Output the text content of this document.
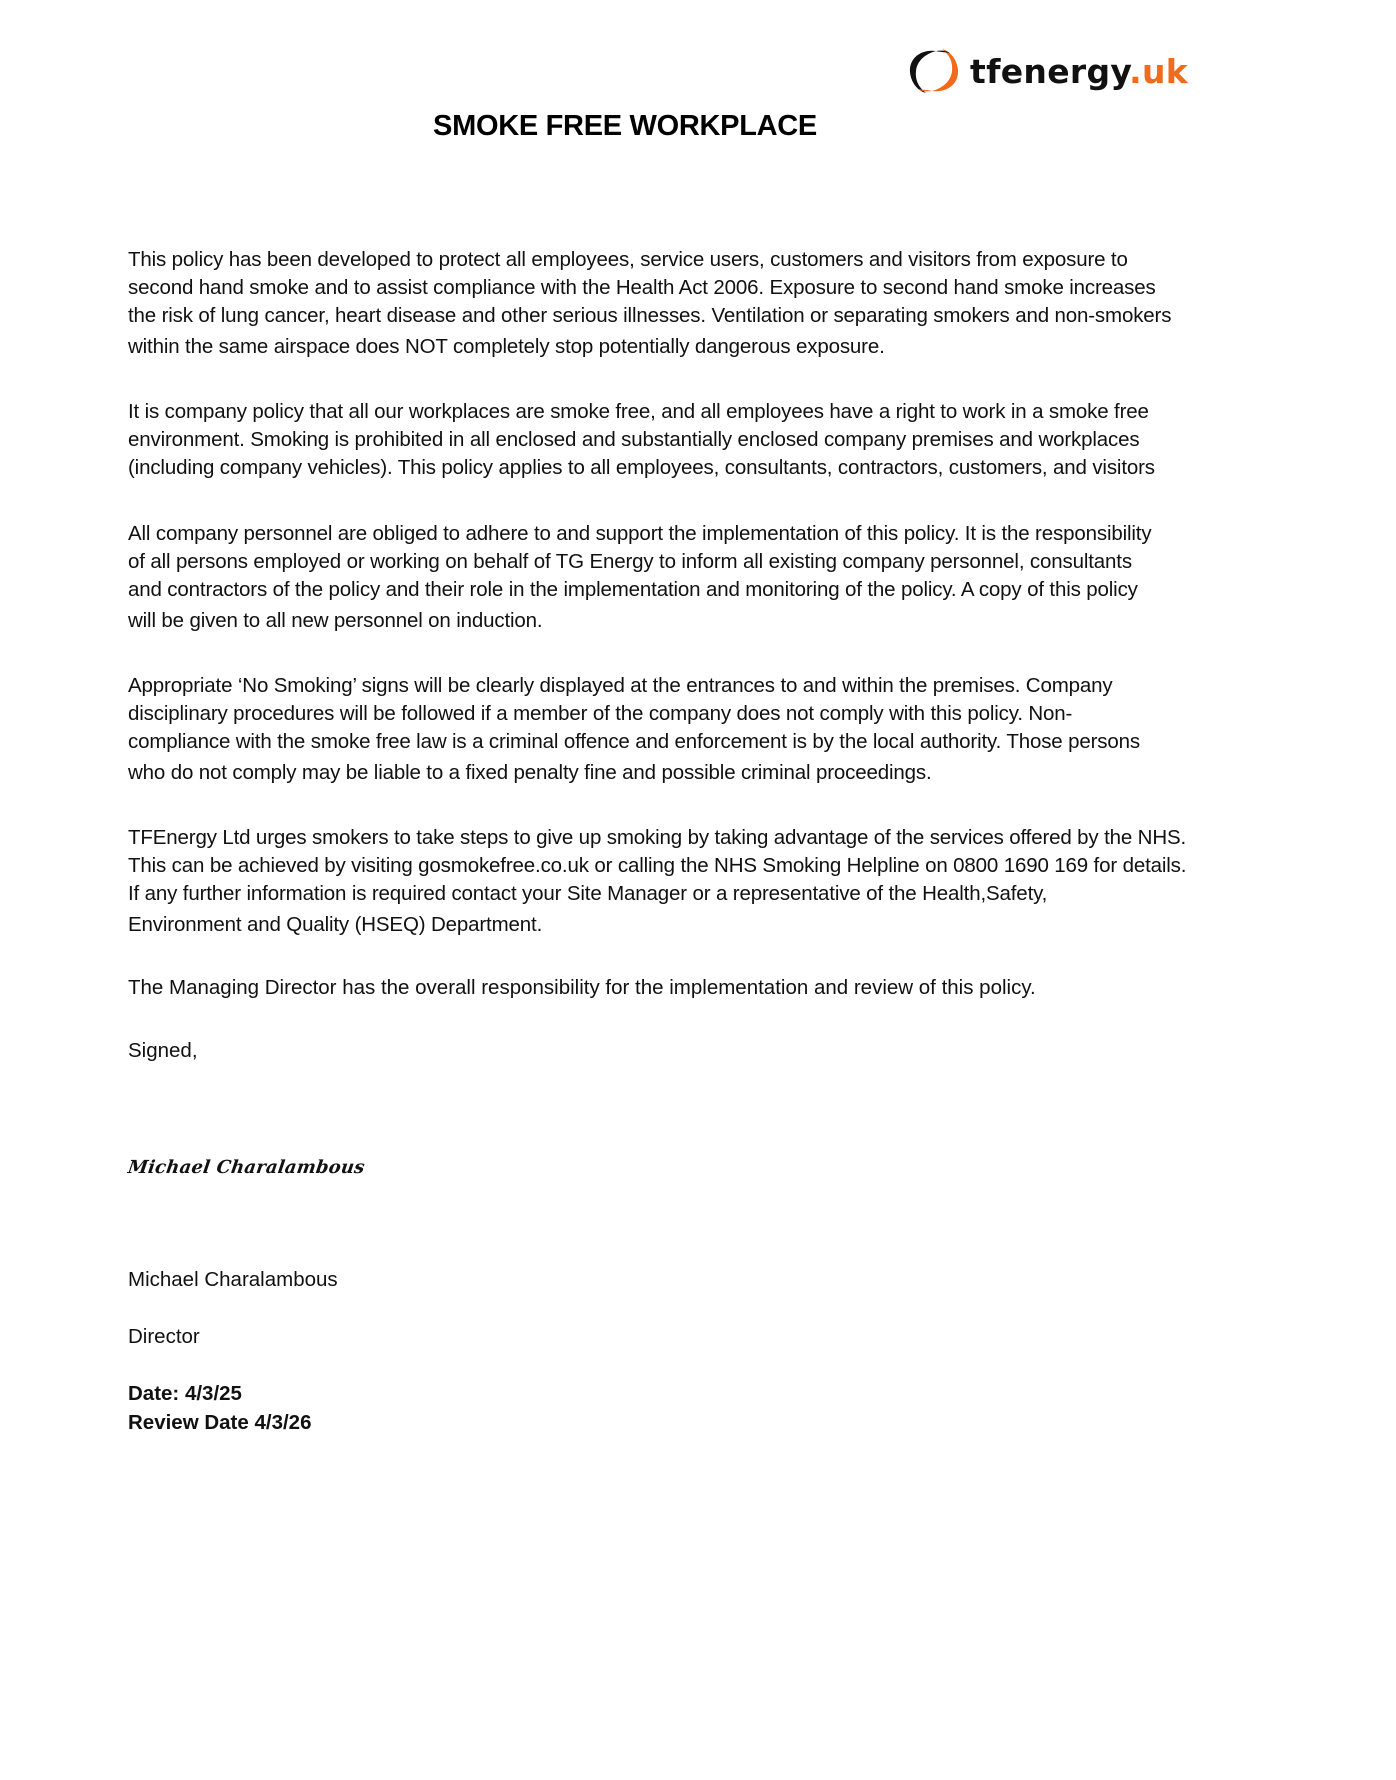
tfenergy.uk
SMOKE FREE WORKPLACE
This policy has been developed to protect all employees, service users, customers and visitors from exposure to
second hand smoke and to assist compliance with the Health Act 2006. Exposure to second hand smoke increases
the risk of lung cancer, heart disease and other serious illnesses. Ventilation or separating smokers and non-smokers
within the same airspace does NOT completely stop potentially dangerous exposure.
It is company policy that all our workplaces are smoke free, and all employees have a right to work in a smoke free
environment. Smoking is prohibited in all enclosed and substantially enclosed company premises and workplaces
(including company vehicles). This policy applies to all employees, consultants, contractors, customers, and visitors
All company personnel are obliged to adhere to and support the implementation of this policy. It is the responsibility
of all persons employed or working on behalf of TG Energy to inform all existing company personnel, consultants
and contractors of the policy and their role in the implementation and monitoring of the policy. A copy of this policy
will be given to all new personnel on induction.
Appropriate ‘No Smoking’ signs will be clearly displayed at the entrances to and within the premises. Company
disciplinary procedures will be followed if a member of the company does not comply with this policy. Non-
compliance with the smoke free law is a criminal offence and enforcement is by the local authority. Those persons
who do not comply may be liable to a fixed penalty fine and possible criminal proceedings.
TFEnergy Ltd urges smokers to take steps to give up smoking by taking advantage of the services offered by the NHS.
This can be achieved by visiting gosmokefree.co.uk or calling the NHS Smoking Helpline on 0800 1690 169 for details.
If any further information is required contact your Site Manager or a representative of the Health,Safety,
Environment and Quality (HSEQ) Department.
The Managing Director has the overall responsibility for the implementation and review of this policy.
Signed,
Michael Charalambous
Michael Charalambous
Director
Date: 4/3/25
Review Date 4/3/26
